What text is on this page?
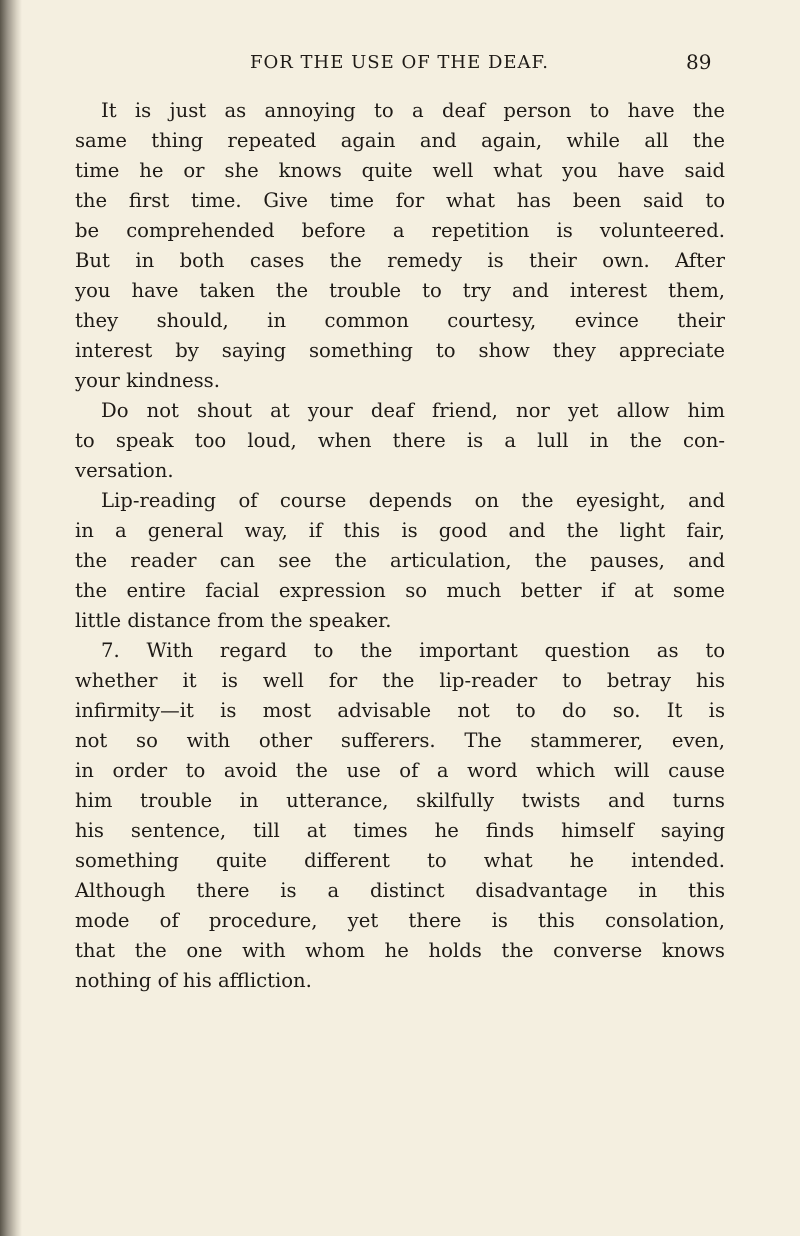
FOR THE USE OF THE DEAF.	89
It is just as annoying to a deaf person to have the
same thing repeated again and again, while all the
time he or she knows quite well what you have said
the first time. Give time for what has been said to
be comprehended before a repetition is volunteered.
But in both cases the remedy is their own. After
you have taken the trouble to try and interest them,
they should, in common courtesy, evince their
interest by saying something to show they appreciate
your kindness.
Do not shout at your deaf friend, nor yet allow him
to speak too loud, when there is a lull in the con-
versation.
Lip-reading of course depends on the eyesight, and
in a general way, if this is good and the light fair,
the reader can see the articulation, the pauses, and
the entire facial expression so much better if at some
little distance from the speaker.
7. With regard to the important question as to
whether it is well for the lip-reader to betray his
infirmity—it is most advisable not to do so. It is
not so with other sufferers. The stammerer, even,
in order to avoid the use of a word which will cause
him trouble in utterance, skilfully twists and turns
his sentence, till at times he finds himself saying
something quite different to what he intended.
Although there is a distinct disadvantage in this
mode of procedure, yet there is this consolation,
that the one with whom he holds the converse knows
nothing of his affliction.
